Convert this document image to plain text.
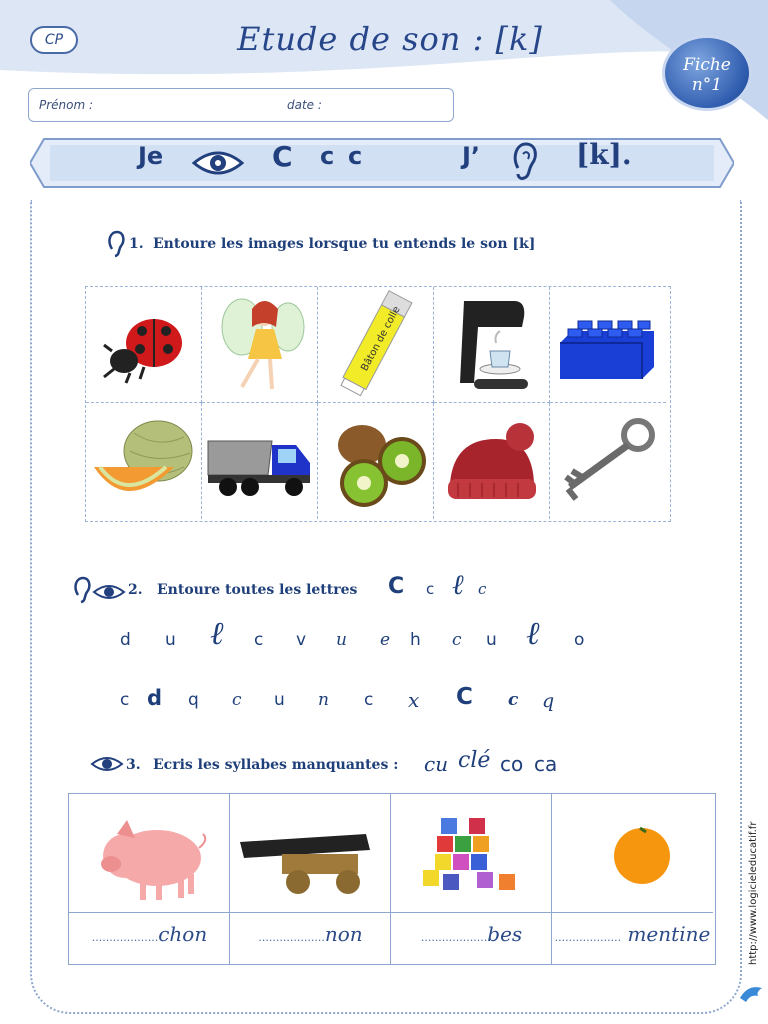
CP	Etude de son : [k]
Fiche
n°1
Prénom :	date :
Je	C c c	J’	[k].
1. Entoure les images lorsque tu entends le son [k]
Bâton de colle
2. Entoure toutes les lettres C c ℓ c
d u ℓ c v u e h c u ℓ o
c d q c u n c x C c q
3. Ecris les syllabes manquantes : cu clé co ca
...................chon	...................non	...................bes	................... mentine	http://www.logicieleducatif.fr
